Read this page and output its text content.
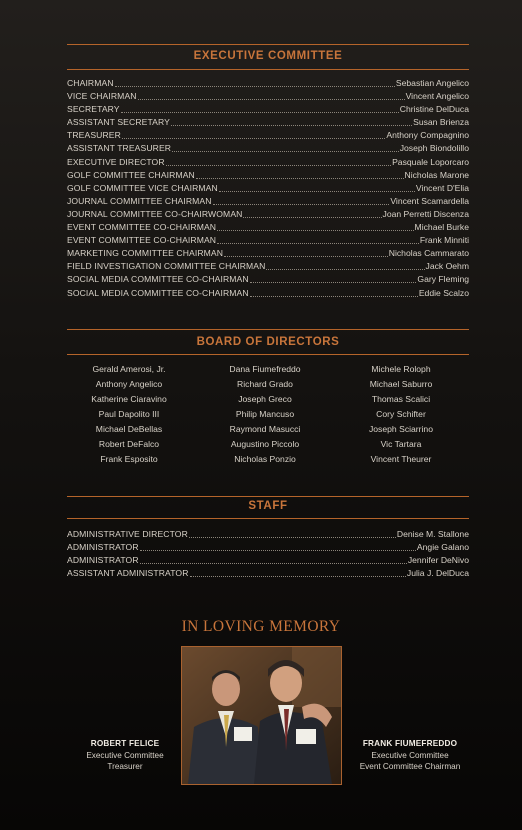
EXECUTIVE COMMITTEE
CHAIRMAN	Sebastian Angelico
VICE CHAIRMAN	Vincent Angelico
SECRETARY	Christine DelDuca
ASSISTANT SECRETARY	Susan Brienza
TREASURER	Anthony Compagnino
ASSISTANT TREASURER	Joseph Biondolillo
EXECUTIVE DIRECTOR	Pasquale Loporcaro
GOLF COMMITTEE CHAIRMAN	Nicholas Marone
GOLF COMMITTEE VICE CHAIRMAN	Vincent D'Elia
JOURNAL COMMITTEE CHAIRMAN	Vincent Scamardella
JOURNAL COMMITTEE CO-CHAIRWOMAN	Joan Perretti Discenza
EVENT COMMITTEE CO-CHAIRMAN	Michael Burke
EVENT COMMITTEE CO-CHAIRMAN	Frank Minniti
MARKETING COMMITTEE CHAIRMAN	Nicholas Cammarato
FIELD INVESTIGATION COMMITTEE CHAIRMAN	Jack Oehm
SOCIAL MEDIA COMMITTEE CO-CHAIRMAN	Gary Fleming
SOCIAL MEDIA COMMITTEE CO-CHAIRMAN	Eddie Scalzo
BOARD OF DIRECTORS
Gerald Amerosi, Jr.
Anthony Angelico
Katherine Ciaravino
Paul Dapolito III
Michael DeBellas
Robert DeFalco
Frank Esposito
Dana Fiumefreddo
Richard Grado
Joseph Greco
Philip Mancuso
Raymond Masucci
Augustino Piccolo
Nicholas Ponzio
Michele Roloph
Michael Saburro
Thomas Scalici
Cory Schifter
Joseph Sciarrino
Vic Tartara
Vincent Theurer
STAFF
ADMINISTRATIVE DIRECTOR	Denise M. Stallone
ADMINISTRATOR	Angie Galano
ADMINISTRATOR	Jennifer DeNivo
ASSISTANT ADMINISTRATOR	Julia J. DelDuca
IN LOVING MEMORY
ROBERT FELICE
Executive Committee
Treasurer
FRANK FIUMEFREDDO
Executive Committee
Event Committee Chairman
